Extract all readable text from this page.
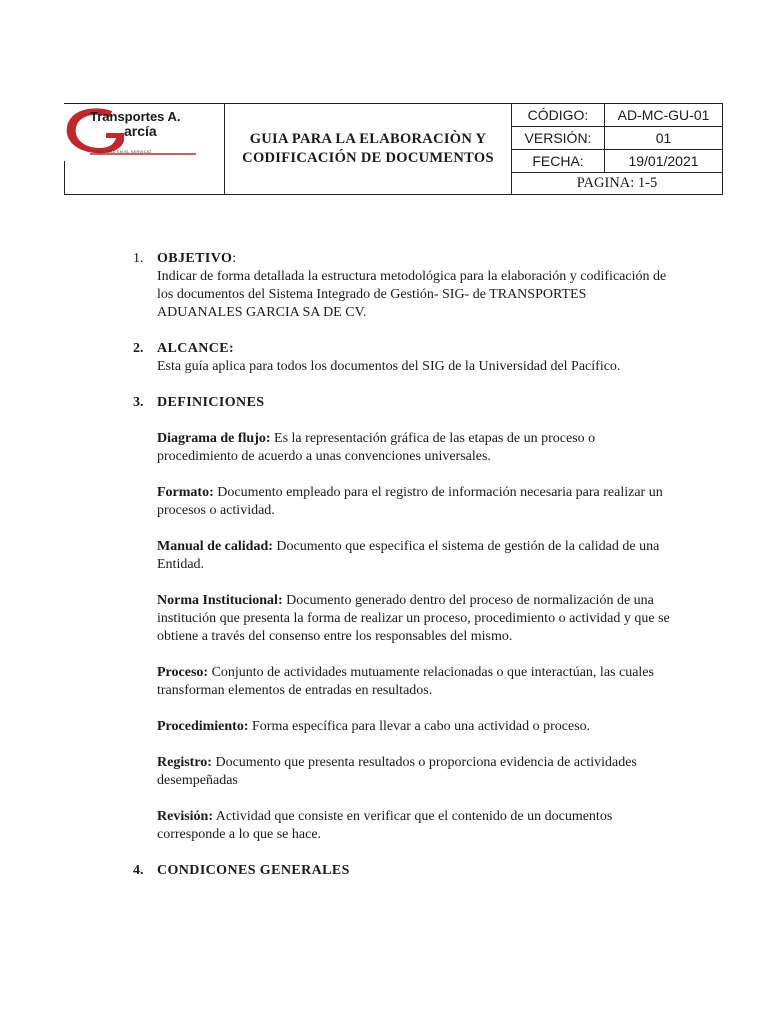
Transportes A.
arcía
CALIDAD EN EL SERVICIO
GUIA PARA LA ELABORACIÒN Y
CODIFICACIÓN DE DOCUMENTOS
CÓDIGO:	AD-MC-GU-01
VERSIÓN:	01
FECHA:	19/01/2021
PAGINA: 1-5
1. OBJETIVO:

Indicar de forma detallada la estructura metodológica para la elaboración y codificación de los documentos del Sistema Integrado de Gestión- SIG- de TRANSPORTES ADUANALES GARCIA SA DE CV.

2. ALCANCE:

Esta guía aplica para todos los documentos del SIG de la Universidad del Pacífico.

3. DEFINICIONES

Diagrama de flujo: Es la representación gráfica de las etapas de un proceso o procedimiento de acuerdo a unas convenciones universales.

Formato: Documento empleado para el registro de información necesaria para realizar un procesos o actividad.

Manual de calidad: Documento que especifica el sistema de gestión de la calidad de una Entidad.

Norma Institucional: Documento generado dentro del proceso de normalización de una institución que presenta la forma de realizar un proceso, procedimiento o actividad y que se obtiene a través del consenso entre los responsables del mismo.

Proceso: Conjunto de actividades mutuamente relacionadas o que interactúan, las cuales transforman elementos de entradas en resultados.

Procedimiento: Forma específica para llevar a cabo una actividad o proceso.

Registro: Documento que presenta resultados o proporciona evidencia de actividades desempeñadas

Revisión: Actividad que consiste en verificar que el contenido de un documentos corresponde a lo que se hace.

4. CONDICONES GENERALES
